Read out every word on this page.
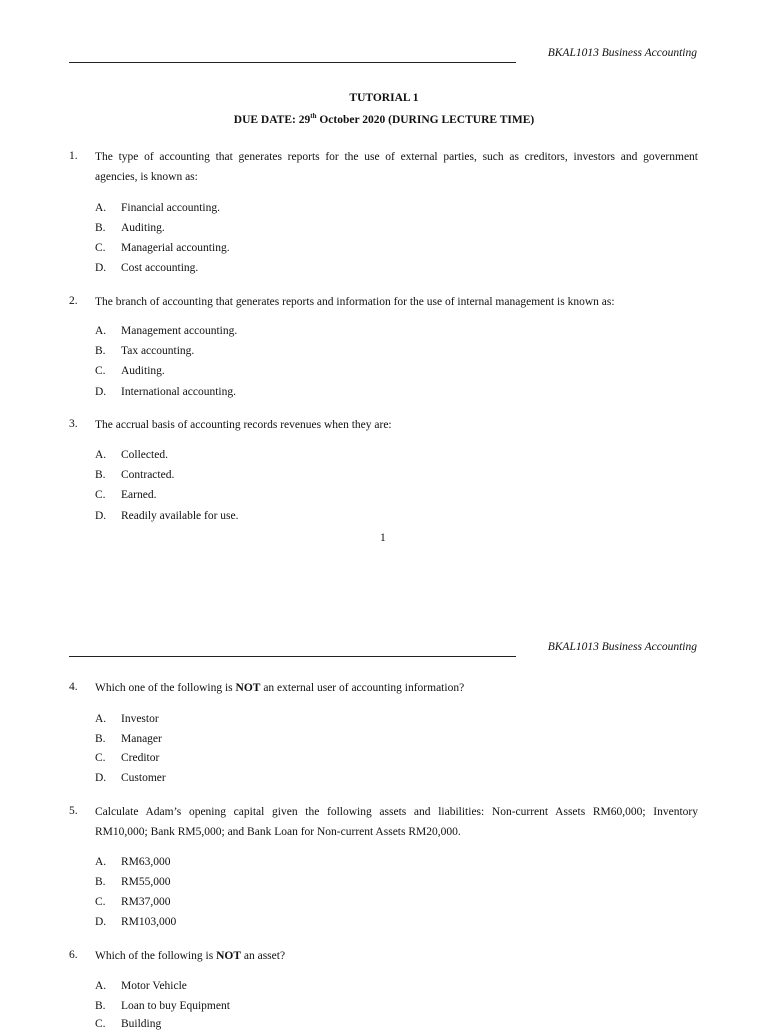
BKAL1013 Business Accounting
TUTORIAL 1
DUE DATE: 29th October 2020 (DURING LECTURE TIME)
1. The type of accounting that generates reports for the use of external parties, such as creditors, investors and government
agencies, is known as:
A. Financial accounting.
B. Auditing.
C. Managerial accounting.
D. Cost accounting.
2. The branch of accounting that generates reports and information for the use of internal management is known as:
A. Management accounting.
B. Tax accounting.
C. Auditing.
D. International accounting.
3. The accrual basis of accounting records revenues when they are:
A. Collected.
B. Contracted.
C. Earned.
D. Readily available for use.
1
BKAL1013 Business Accounting
4. Which one of the following is NOT an external user of accounting information?
A. Investor
B. Manager
C. Creditor
D. Customer
5. Calculate Adam’s opening capital given the following assets and liabilities: Non-current Assets RM60,000; Inventory
RM10,000; Bank RM5,000; and Bank Loan for Non-current Assets RM20,000.
A. RM63,000
B. RM55,000
C. RM37,000
D. RM103,000
6. Which of the following is NOT an asset?
A. Motor Vehicle
B. Loan to buy Equipment
C. Building
